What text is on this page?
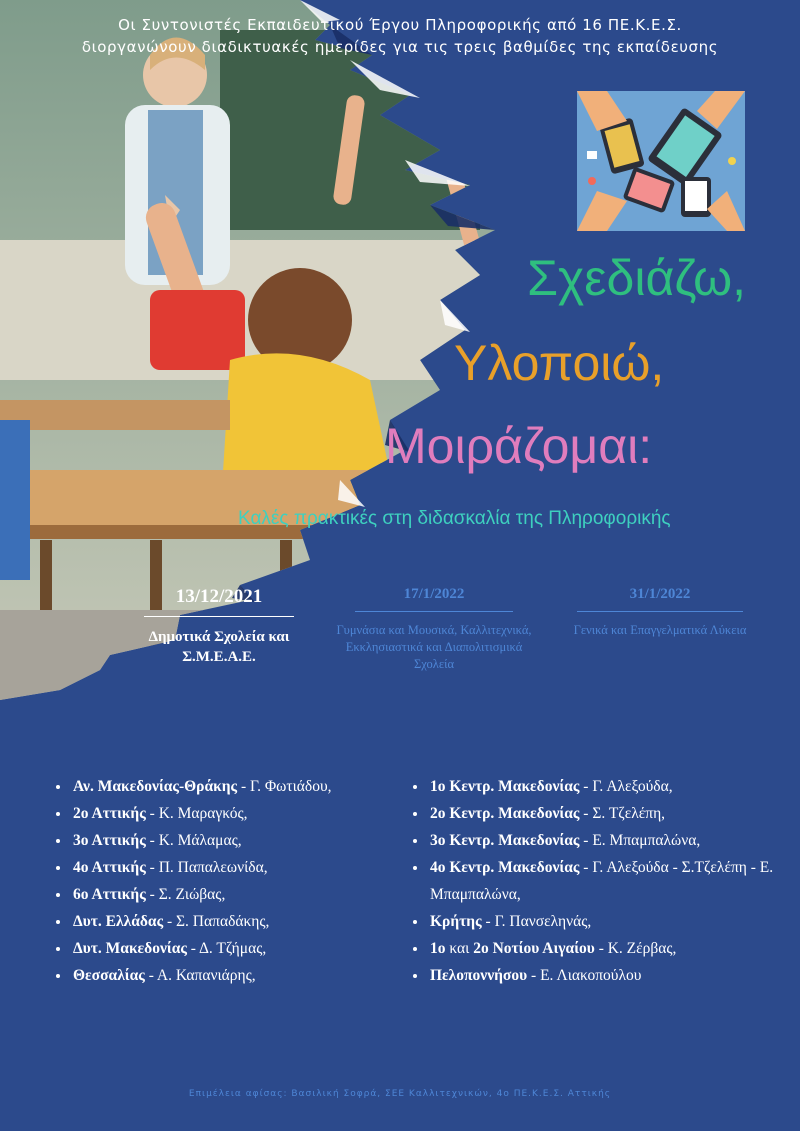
Οι Συντονιστές Εκπαιδευτικού Έργου Πληροφορικής από 16 ΠΕ.Κ.Ε.Σ.
διοργανώνουν διαδικτυακές ημερίδες για τις τρεις βαθμίδες της εκπαίδευσης
Σχεδιάζω,
Υλοποιώ,
Μοιράζομαι:
Καλές πρακτικές στη διδασκαλία της Πληροφορικής
13/12/2021
Δημοτικά Σχολεία και Σ.Μ.Ε.Α.Ε.
17/1/2022
Γυμνάσια και Μουσικά, Καλλιτεχνικά, Εκκλησιαστικά και Διαπολιτισμικά Σχολεία
31/1/2022
Γενικά και Επαγγελματικά Λύκεια
• Αν. Μακεδονίας-Θράκης - Γ. Φωτιάδου,
• 2ο Αττικής - Κ. Μαραγκός,
• 3ο Αττικής - Κ. Μάλαμας,
• 4ο Αττικής - Π. Παπαλεωνίδα,
• 6ο Αττικής - Σ. Ζιώβας,
• Δυτ. Ελλάδας - Σ. Παπαδάκης,
• Δυτ. Μακεδονίας - Δ. Τζήμας,
• Θεσσαλίας - Α. Καπανιάρης,
• 1ο Κεντρ. Μακεδονίας - Γ. Αλεξούδα,
• 2ο Κεντρ. Μακεδονίας - Σ. Τζελέπη,
• 3ο Κεντρ. Μακεδονίας - Ε. Μπαμπαλώνα,
• 4ο Κεντρ. Μακεδονίας - Γ. Αλεξούδα - Σ.Τζελέπη - Ε. Μπαμπαλώνα,
• Κρήτης - Γ. Πανσεληνάς,
• 1ο και 2ο Νοτίου Αιγαίου - Κ. Ζέρβας,
• Πελοποννήσου - Ε. Λιακοπούλου
Επιμέλεια αφίσας: Βασιλική Σοφρά, ΣΕΕ Καλλιτεχνικών, 4ο ΠΕ.Κ.Ε.Σ. Αττικής
